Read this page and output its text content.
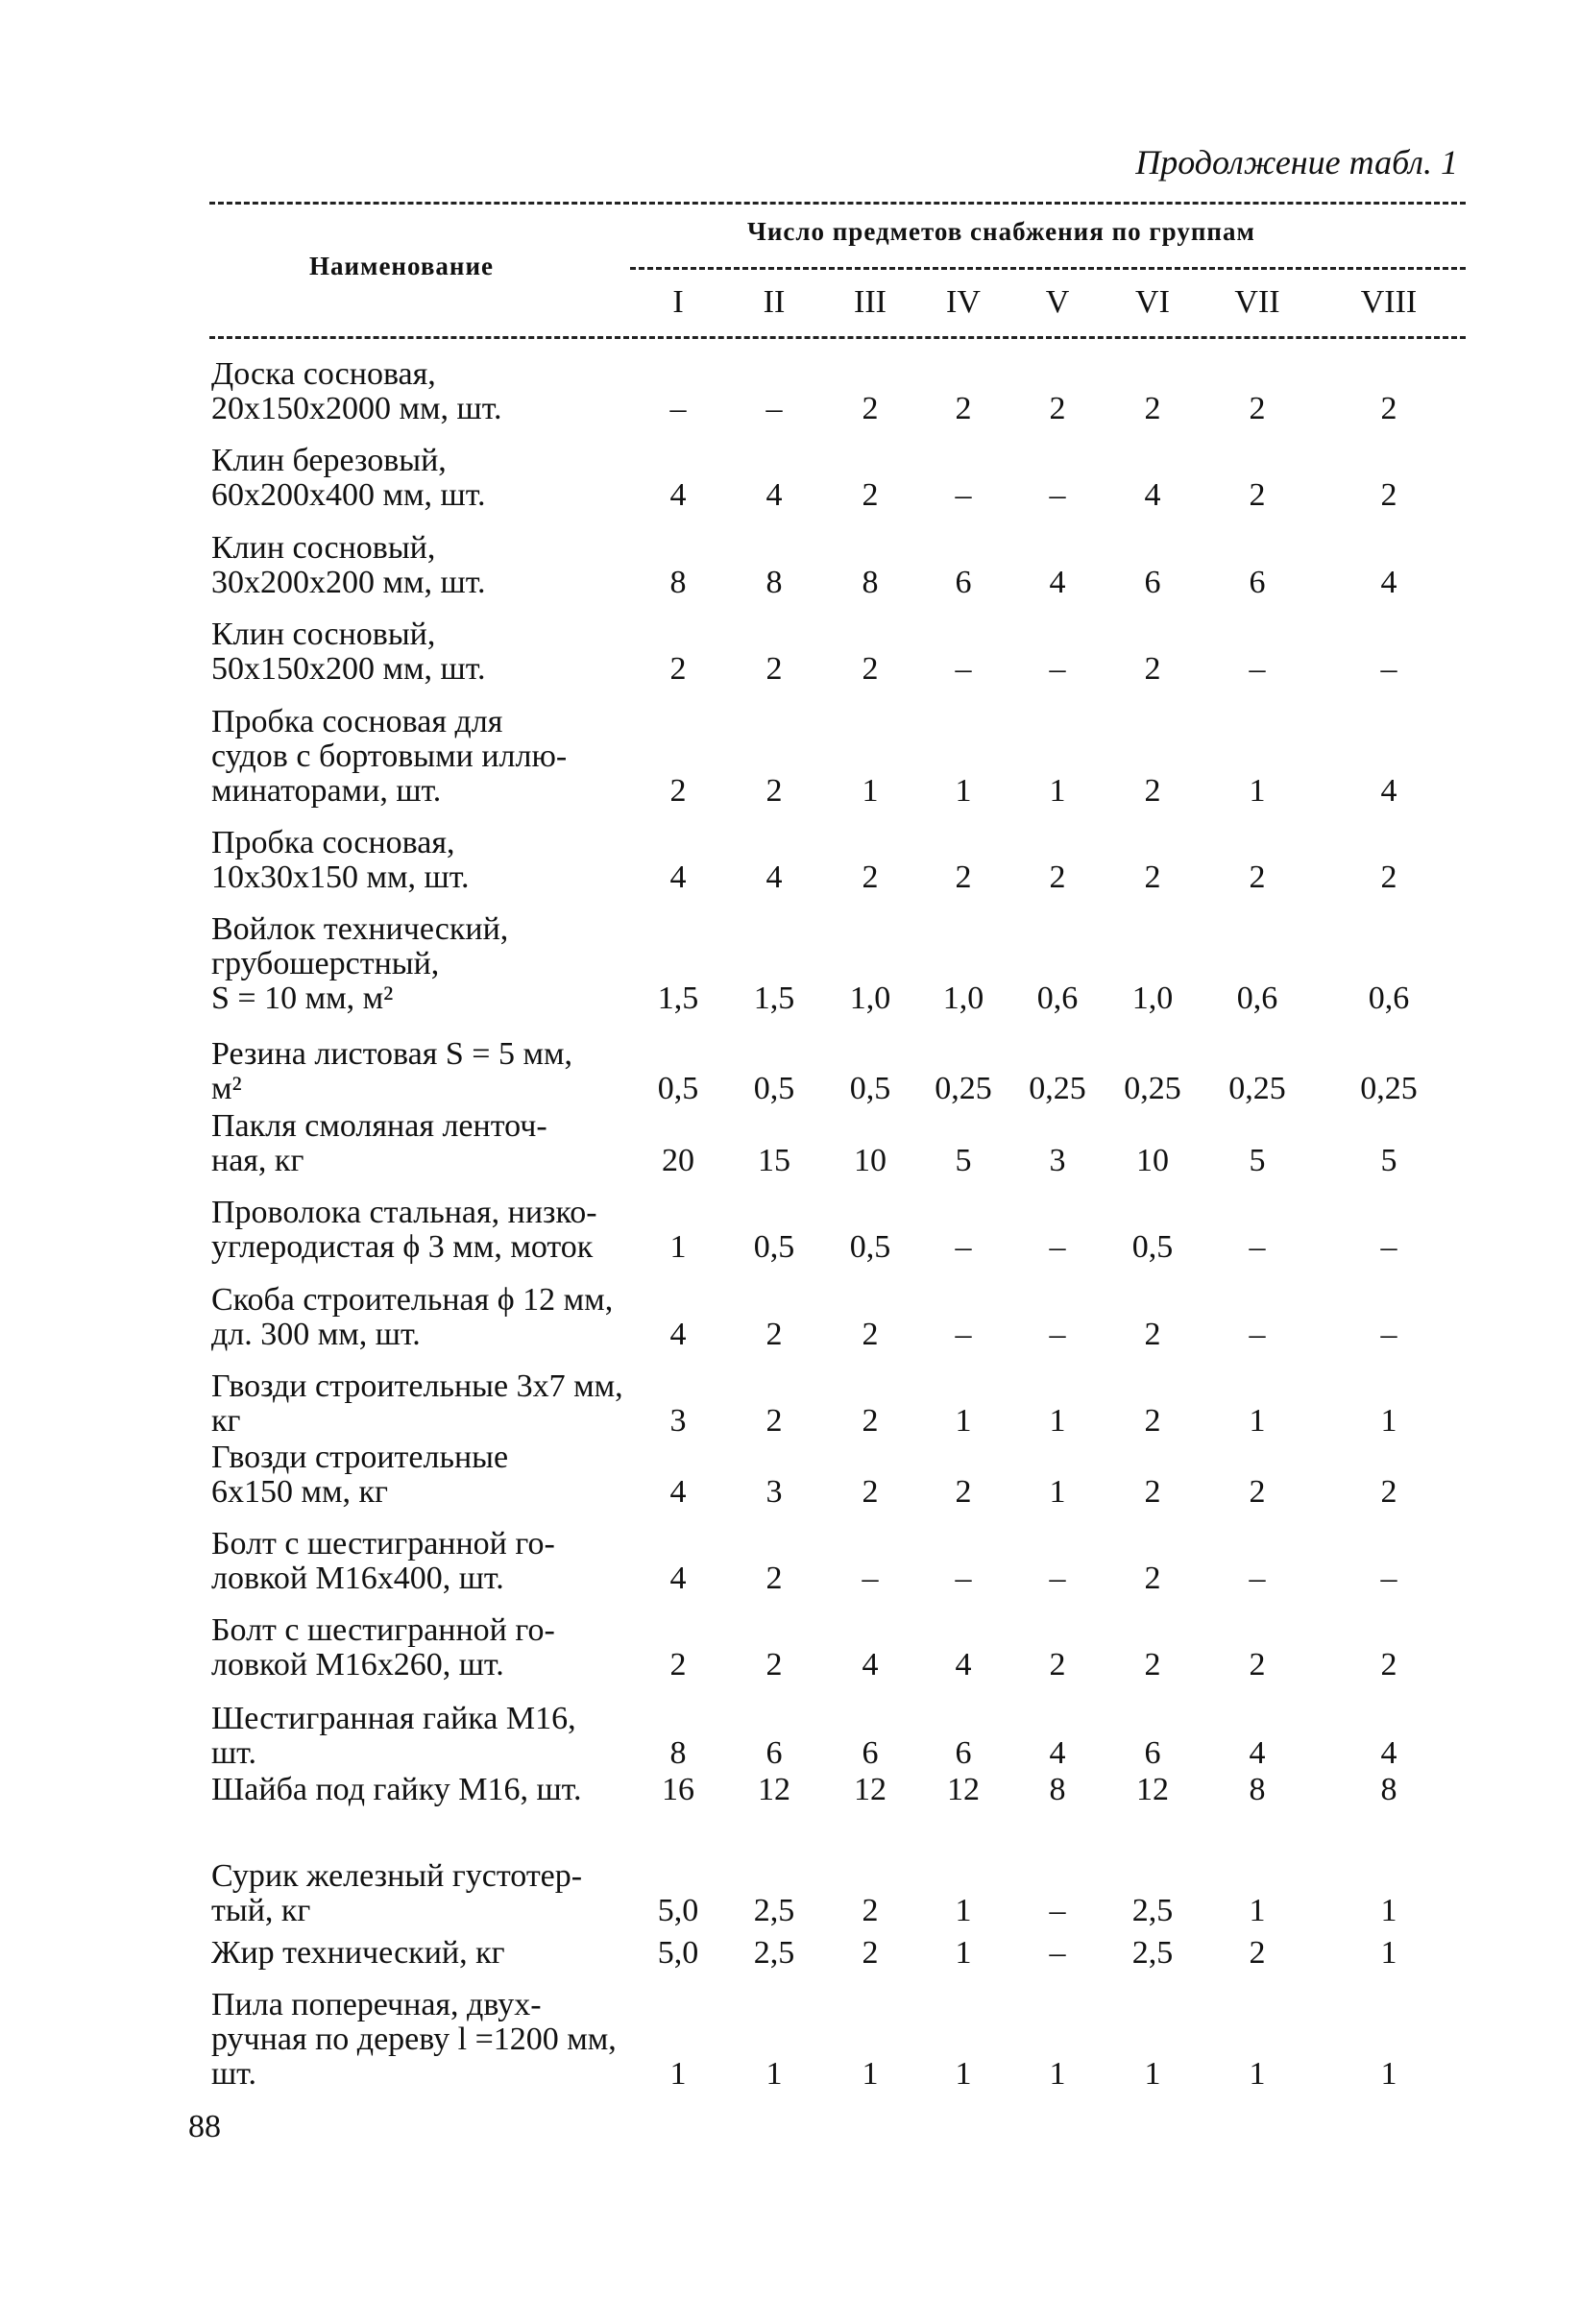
Продолжение табл. 1
Наименование
Число предметов снабжения по группам
I II III IV V VI VII VIII
Доска сосновая,
20х150х2000 мм, шт.	– – 2 2 2 2	2	2
Клин березовый,
60х200х400 мм, шт.	4 4 2 – – 4	2	2
Клин сосновый,
30х200х200 мм, шт.	8 8 8 6 4 6	6	4
Клин сосновый,
50х150х200 мм, шт.	2 2 2 – – 2	–	–
Пробка сосновая для
судов с бортовыми иллю-
минаторами, шт.	2 2 1 1 1 2	1	4
Пробка сосновая,
10х30х150 мм, шт.	4 4 2 2 2 2	2	2
Войлок технический,
грубошерстный,
S = 10 мм, м²	1,5 1,5 1,0 1,0 0,6 1,0 0,6	0,6
Резина листовая S = 5 мм,
м²	0,5 0,5 0,5 0,25 0,25 0,25 0,25 0,25
Пакля смоляная ленточ-
ная, кг	20 15 10 5 3 10 5	5
Проволока стальная, низко-
углеродистая ϕ 3 мм, моток	1 0,5 0,5 – – 0,5 –	–
Скоба строительная ϕ 12 мм,
дл. 300 мм, шт.	4 2 2 – – 2	–	–
Гвозди строительные 3х7 мм,
кг	3 2 2 1 1 2	1	1
Гвозди строительные
6х150 мм, кг	4 3 2 2 1 2	2	2
Болт с шестигранной го-
ловкой М16х400, шт.	4 2 – – – 2	–	–
Болт с шестигранной го-
ловкой М16х260, шт.	2 2 4 4 2 2	2	2
Шестигранная гайка М16,
шт.	8 6 6 6 4 6	4	4
Шайба под гайку М16, шт.	16 12 12 12 8 12 8	8
Сурик железный густотер-
тый, кг	5,0 2,5 2 1 – 2,5 1	1
Жир технический, кг	5,0 2,5 2 1 – 2,5 2	1
Пила поперечная, двух-
ручная по дереву l =1200 мм,
шт.	1 1 1 1 1 1	1	1
88
